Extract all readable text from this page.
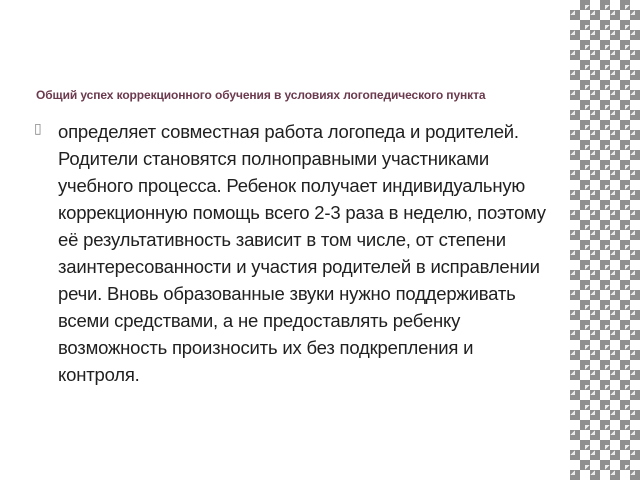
Общий успех коррекционного обучения в условиях логопедического пункта
▯ определяет совместная работа логопеда и родителей. Родители становятся полноправными участниками учебного процесса. Ребенок получает индивидуальную коррекционную помощь всего 2-3 раза в неделю, поэтому её результативность зависит в том числе, от степени заинтересованности и участия родителей в исправлении речи. Вновь образованные звуки нужно поддерживать всеми средствами, а не предоставлять ребенку возможность произносить их без подкрепления и контроля.
